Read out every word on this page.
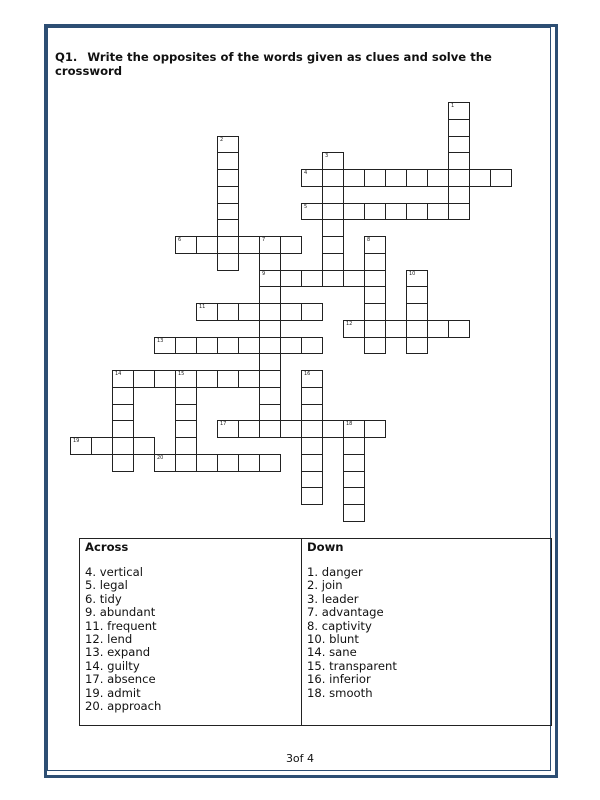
Q1. Write the opposites of the words given as clues and solve the crossword
1
2
3
4
5
6	7
9
8
10
11
12
13
14	15	16
17	18
19
20
Across
4. vertical
5. legal
6. tidy
9. abundant
11. frequent
12. lend
13. expand
14. guilty
17. absence
19. admit
20. approach
Down
1. danger
2. join
3. leader
7. advantage
8. captivity
10. blunt
14. sane
15. transparent
16. inferior
18. smooth
3of 4
